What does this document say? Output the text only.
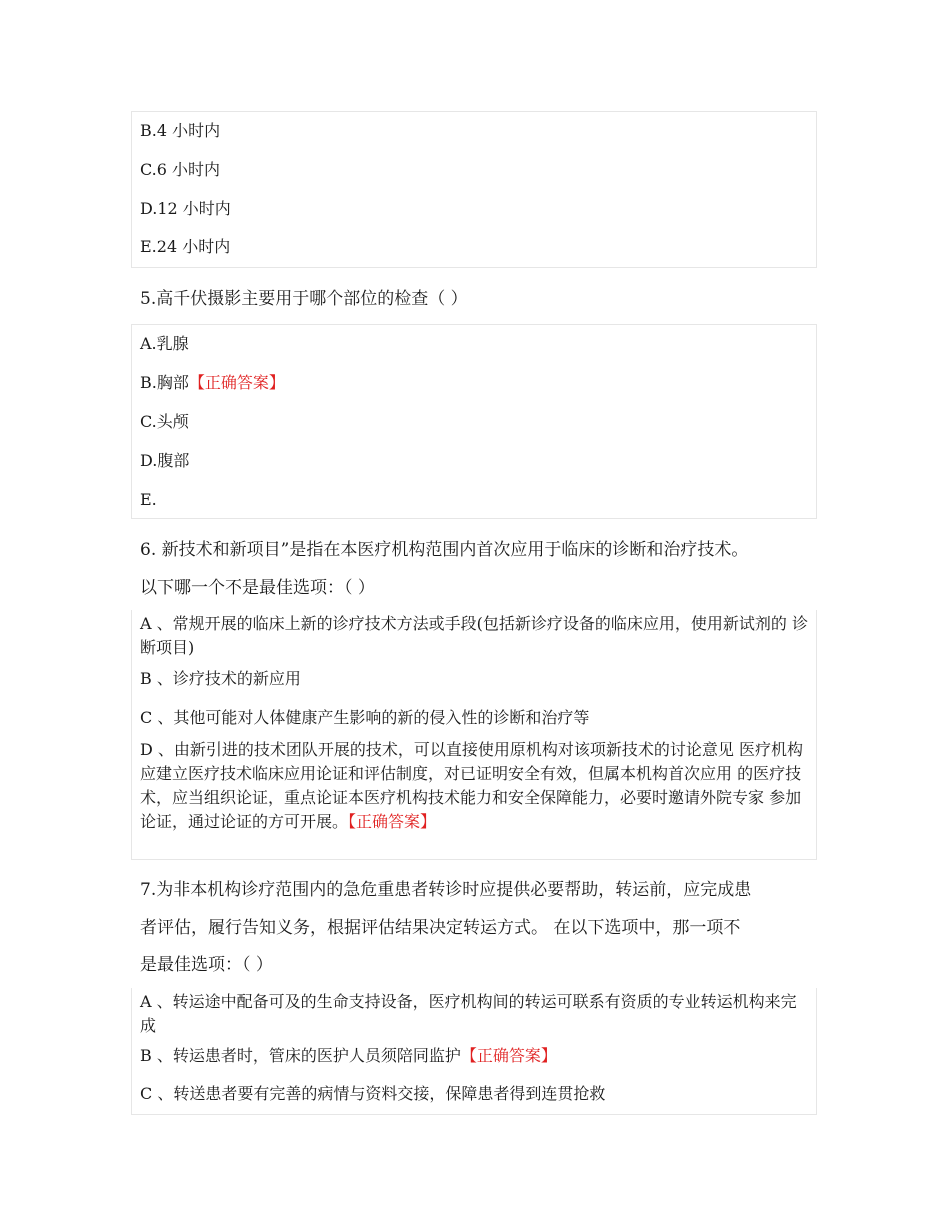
B.4 小时内
C.6 小时内
D.12 小时内
E.24 小时内
5.高千伏摄影主要用于哪个部位的检查（ ）
A.乳腺
B.胸部【正确答案】
C.头颅
D.腹部
E.
6. 新技术和新项目”是指在本医疗机构范围内首次应用于临床的诊断和治疗技术。
以下哪一个不是最佳选项：（ ）
A 、常规开展的临床上新的诊疗技术方法或手段(包括新诊疗设备的临床应用，使用新试剂的 诊断项目)
B 、诊疗技术的新应用
C 、其他可能对人体健康产生影响的新的侵入性的诊断和治疗等
D 、由新引进的技术团队开展的技术，可以直接使用原机构对该项新技术的讨论意见 医疗机构应建立医疗技术临床应用论证和评估制度，对已证明安全有效，但属本机构首次应用 的医疗技术，应当组织论证，重点论证本医疗机构技术能力和安全保障能力，必要时邀请外院专家 参加论证，通过论证的方可开展。【正确答案】
7.为非本机构诊疗范围内的急危重患者转诊时应提供必要帮助，转运前，应完成患
者评估，履行告知义务，根据评估结果决定转运方式。 在以下选项中，那一项不
是最佳选项：（ ）
A 、转运途中配备可及的生命支持设备，医疗机构间的转运可联系有资质的专业转运机构来完 成
B 、转运患者时，管床的医护人员须陪同监护【正确答案】
C 、转送患者要有完善的病情与资料交接，保障患者得到连贯抢救
